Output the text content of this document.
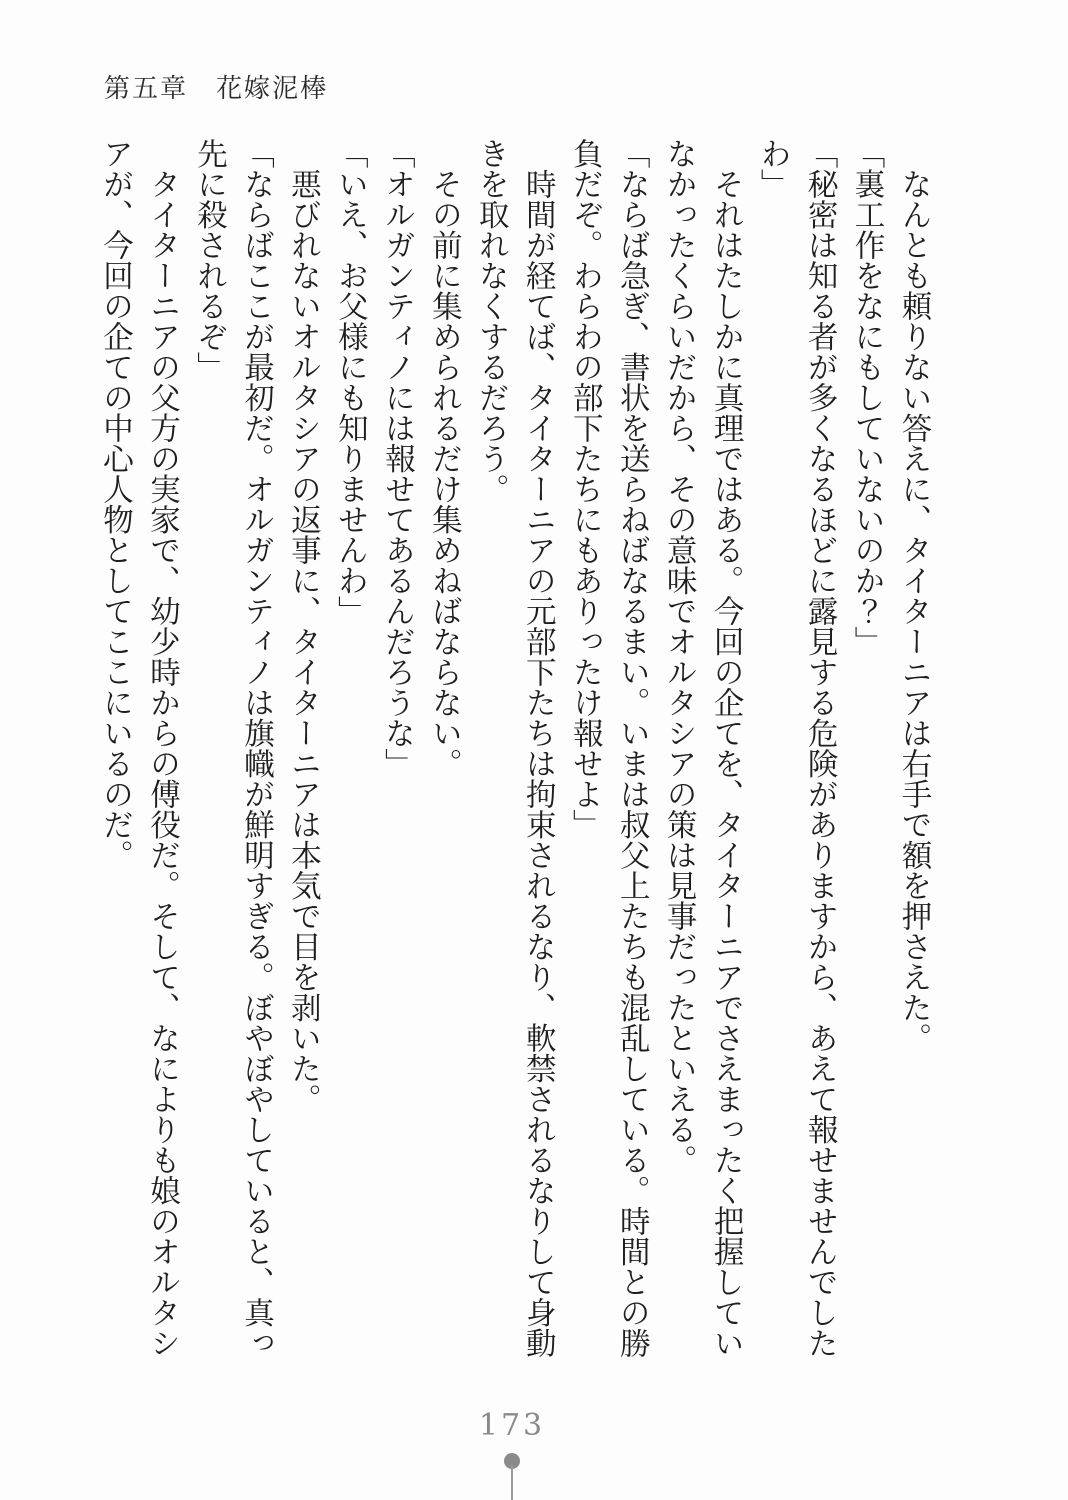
第五章　花嫁泥棒

　なんとも頼りない答えに、タイターニアは右手で額を押さえた。

「裏工作をなにもしていないのか？」

「秘密は知る者が多くなるほどに露見する危険がありますから、あえて報せませんでしたわ」

　それはたしかに真理ではある。今回の企てを、タイターニアでさえまったく把握していなかったくらいだから、その意味でオルタシアの策は見事だったといえる。

「ならば急ぎ、書状を送らねばなるまい。いまは叔父上たちも混乱している。時間との勝負だぞ。わらわの部下たちにもありったけ報せよ」

　時間が経てば、タイターニアの元部下たちは拘束されるなり、軟禁されるなりして身動きを取れなくするだろう。

　その前に集められるだけ集めねばならない。

「オルガンティノには報せてあるんだろうな」

「いえ、お父様にも知りませんわ」

　悪びれないオルタシアの返事に、タイターニアは本気で目を剥いた。

「ならばここが最初だ。オルガンティノは旗幟が鮮明すぎる。ぼやぼやしていると、真っ先に殺されるぞ」

　タイターニアの父方の実家で、幼少時からの傅役だ。そして、なによりも娘のオルタシアが、今回の企ての中心人物としてここにいるのだ。

173
